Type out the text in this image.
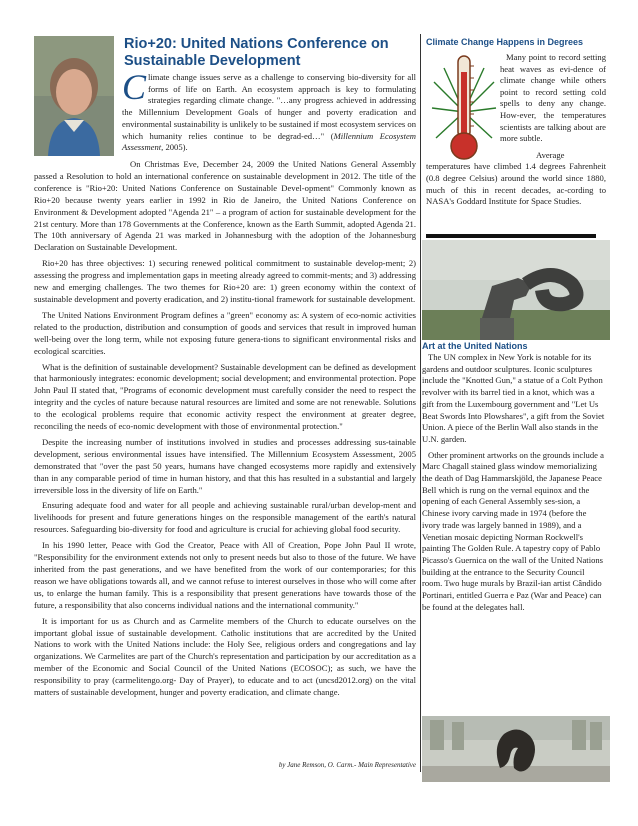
Rio+20: United Nations Conference on Sustainable Development

Climate change issues serve as a challenge to conserving bio-diversity for all forms of life on Earth. An ecosystem approach is key to formulating strategies regarding climate change. "…any progress achieved in addressing the Millennium Development Goals of hunger and poverty eradication and environmental sustainability is unlikely to be sustained if most ecosystem services on which humanity relies continue to be degrad-ed…" (Millennium Ecosystem Assessment, 2005).

On Christmas Eve, December 24, 2009 the United Nations General Assembly passed a Resolution to hold an international conference on sustainable development in 2012. The title of the conference is "Rio+20: United Nations Conference on Sustainable Devel-opment" Commonly known as Rio+20 because twenty years earlier in 1992 in Rio de Janeiro, the United Nations Conference on Environment & Development adopted "Agenda 21" – a program of action for sustainable development for the 21st century. More than 178 Governments at the Conference, known as the Earth Summit, adopted Agenda 21. The 10th anniversary of Agenda 21 was marked in Johannesburg with the adoption of the Johannesburg Declaration on Sustainable Development.

Rio+20 has three objectives: 1) securing renewed political commitment to sustainable develop-ment; 2) assessing the progress and implementation gaps in meeting already agreed to commit-ments; and 3) addressing new and emerging challenges. The two themes for Rio+20 are: 1) green economy within the context of sustainable development and poverty eradication, and 2) institu-tional framework for sustainable development.

The United Nations Environment Program defines a "green" economy as: A system of eco-nomic activities related to the production, distribution and consumption of goods and services that result in improved human well-being over the long term, while not exposing future genera-tions to significant environmental risks and ecological scarcities.

What is the definition of sustainable development? Sustainable development can be defined as development that harmoniously integrates: economic development; social development; and environmental protection. Pope John Paul II stated that, "Programs of economic development must carefully consider the need to respect the integrity and the cycles of nature because natural resources are limited and some are not renewable. Solutions to the ecological problems require that economic activity respect the environment at greater degree, reconciling the needs of eco-nomic development with those of environmental protection."

Despite the increasing number of institutions involved in studies and processes addressing sus-tainable development, serious environmental issues have intensified. The Millennium Ecosystem Assessment, 2005 demonstrated that "over the past 50 years, humans have changed ecosystems more rapidly and extensively than in any comparable period of time in human history, and that this has resulted in a substantial and largely irreversible loss in the diversity of life on Earth."

Ensuring adequate food and water for all people and achieving sustainable rural/urban develop-ment and livelihoods for present and future generations hinges on the responsible management of the earth's natural resources. Safeguarding bio-diversity for food and agriculture is crucial for achieving global food security.

In his 1990 letter, Peace with God the Creator, Peace with All of Creation, Pope John Paul II wrote, "Responsibility for the environment extends not only to present needs but also to those of the future. We have inherited from the past generations, and we have benefited from the work of our contemporaries; for this reason we have obligations towards all, and we cannot refuse to interest ourselves in those who will come after us, to enlarge the human family. This is a responsibility that present generations have towards those of the future, a responsibility that also concerns individual nations and the international community."

It is important for us as Church and as Carmelite members of the Church to educate ourselves on the important global issue of sustainable development. Catholic institutions that are accredited by the United Nations to work with the United Nations include: the Holy See, religious orders and congregations and lay organizations. We Carmelites are part of the Church's representation and participation by our accreditation as a member of the Economic and Social Council of the United Nations (ECOSOC); as such, we have the responsibility to pray (carmelitengo.org- Day of Prayer), to educate and to act (uncsd2012.org) on the vital matters of sustainable development, hunger and poverty eradication, and climate change.

by Jane Remson, O. Carm.- Main Representative

Climate Change Happens in Degrees

Many point to record setting heat waves as evi-dence of climate change while others point to record setting cold spells to deny any change. How-ever, the temperatures scientists are talking about are more subtle.

Average temperatures have climbed 1.4 degrees Fahrenheit (0.8 degree Celsius) around the world since 1880, much of this in recent decades, ac-cording to NASA's Goddard Institute for Space Studies.

Art at the United Nations

The UN complex in New York is notable for its gardens and outdoor sculptures. Iconic sculptures include the "Knotted Gun," a statue of a Colt Python revolver with its barrel tied in a knot, which was a gift from the Luxembourg government and "Let Us Beat Swords Into Plowshares", a gift from the Soviet Union. A piece of the Berlin Wall also stands in the U.N. garden.

Other prominent artworks on the grounds include a Marc Chagall stained glass window memorializing the death of Dag Hammarskjöld, the Japanese Peace Bell which is rung on the vernal equinox and the opening of each General Assembly ses-sion, a Chinese ivory carving made in 1974 (before the ivory trade was largely banned in 1989), and a Venetian mosaic depicting Norman Rockwell's painting The Golden Rule. A tapestry copy of Pablo Picasso's Guernica on the wall of the United Nations building at the entrance to the Security Council room. Two huge murals by Brazil-ian artist Cândido Portinari, entitled Guerra e Paz (War and Peace) can be found at the delegates hall.
